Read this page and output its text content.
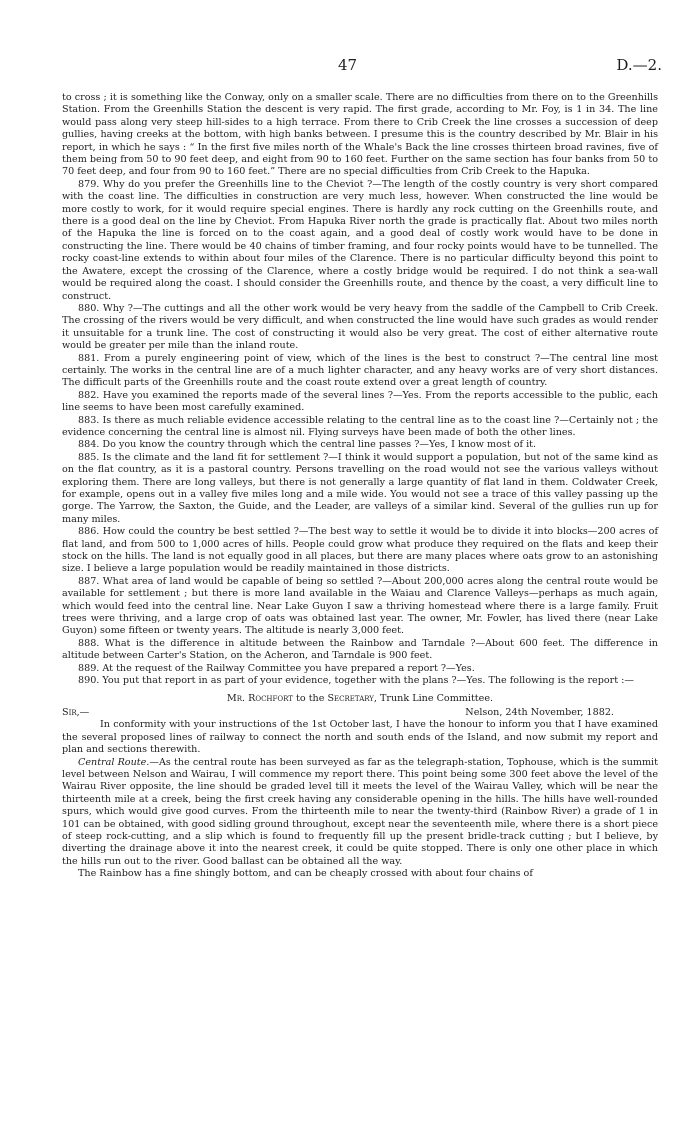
47	D.—2.

to cross ; it is something like the Conway, only on a smaller scale. There are no difficulties from there on to the Greenhills Station. From the Greenhills Station the descent is very rapid. The first grade, according to Mr. Foy, is 1 in 34. The line would pass along very steep hill-sides to a high terrace. From there to Crib Creek the line crosses a succession of deep gullies, having creeks at the bottom, with high banks between. I presume this is the country described by Mr. Blair in his report, in which he says : “ In the first five miles north of the Whale's Back the line crosses thirteen broad ravines, five of them being from 50 to 90 feet deep, and eight from 90 to 160 feet. Further on the same section has four banks from 50 to 70 feet deep, and four from 90 to 160 feet.” There are no special difficulties from Crib Creek to the Hapuka.

879. Why do you prefer the Greenhills line to the Cheviot ?—The length of the costly country is very short compared with the coast line. The difficulties in construction are very much less, however. When constructed the line would be more costly to work, for it would require special engines. There is hardly any rock cutting on the Greenhills route, and there is a good deal on the line by Cheviot. From Hapuka River north the grade is practically flat. About two miles north of the Hapuka the line is forced on to the coast again, and a good deal of costly work would have to be done in constructing the line. There would be 40 chains of timber framing, and four rocky points would have to be tunnelled. The rocky coast-line extends to within about four miles of the Clarence. There is no particular difficulty beyond this point to the Awatere, except the crossing of the Clarence, where a costly bridge would be required. I do not think a sea-wall would be required along the coast. I should consider the Greenhills route, and thence by the coast, a very difficult line to construct.

880. Why ?—The cuttings and all the other work would be very heavy from the saddle of the Campbell to Crib Creek. The crossing of the rivers would be very difficult, and when constructed the line would have such grades as would render it unsuitable for a trunk line. The cost of constructing it would also be very great. The cost of either alternative route would be greater per mile than the inland route.

881. From a purely engineering point of view, which of the lines is the best to construct ?—The central line most certainly. The works in the central line are of a much lighter character, and any heavy works are of very short distances. The difficult parts of the Greenhills route and the coast route extend over a great length of country.

882. Have you examined the reports made of the several lines ?—Yes. From the reports accessible to the public, each line seems to have been most carefully examined.

883. Is there as much reliable evidence accessible relating to the central line as to the coast line ?—Certainly not ; the evidence concerning the central line is almost nil. Flying surveys have been made of both the other lines.

884. Do you know the country through which the central line passes ?—Yes, I know most of it.

885. Is the climate and the land fit for settlement ?—I think it would support a population, but not of the same kind as on the flat country, as it is a pastoral country. Persons travelling on the road would not see the various valleys without exploring them. There are long valleys, but there is not generally a large quantity of flat land in them. Coldwater Creek, for example, opens out in a valley five miles long and a mile wide. You would not see a trace of this valley passing up the gorge. The Yarrow, the Saxton, the Guide, and the Leader, are valleys of a similar kind. Several of the gullies run up for many miles.

886. How could the country be best settled ?—The best way to settle it would be to divide it into blocks—200 acres of flat land, and from 500 to 1,000 acres of hills. People could grow what produce they required on the flats and keep their stock on the hills. The land is not equally good in all places, but there are many places where oats grow to an astonishing size. I believe a large population would be readily maintained in those districts.

887. What area of land would be capable of being so settled ?—About 200,000 acres along the central route would be available for settlement ; but there is more land available in the Waiau and Clarence Valleys—perhaps as much again, which would feed into the central line. Near Lake Guyon I saw a thriving homestead where there is a large family. Fruit trees were thriving, and a large crop of oats was obtained last year. The owner, Mr. Fowler, has lived there (near Lake Guyon) some fifteen or twenty years. The altitude is nearly 3,000 feet.

888. What is the difference in altitude between the Rainbow and Tarndale ?—About 600 feet. The difference in altitude between Carter's Station, on the Acheron, and Tarndale is 900 feet.

889. At the request of the Railway Committee you have prepared a report ?—Yes.

890. You put that report in as part of your evidence, together with the plans ?—Yes. The following is the report :—

Mr. Rochfort to the Secretary, Trunk Line Committee.
Sir,—	Nelson, 24th November, 1882.

In conformity with your instructions of the 1st October last, I have the honour to inform you that I have examined the several proposed lines of railway to connect the north and south ends of the Island, and now submit my report and plan and sections therewith.

Central Route.—As the central route has been surveyed as far as the telegraph-station, Tophouse, which is the summit level between Nelson and Wairau, I will commence my report there. This point being some 300 feet above the level of the Wairau River opposite, the line should be graded level till it meets the level of the Wairau Valley, which will be near the thirteenth mile at a creek, being the first creek having any considerable opening in the hills. The hills have well-rounded spurs, which would give good curves. From the thirteenth mile to near the twenty-third (Rainbow River) a grade of 1 in 101 can be obtained, with good sidling ground throughout, except near the seventeenth mile, where there is a short piece of steep rock-cutting, and a slip which is found to frequently fill up the present bridle-track cutting ; but I believe, by diverting the drainage above it into the nearest creek, it could be quite stopped. There is only one other place in which the hills run out to the river. Good ballast can be obtained all the way.

The Rainbow has a fine shingly bottom, and can be cheaply crossed with about four chains of
